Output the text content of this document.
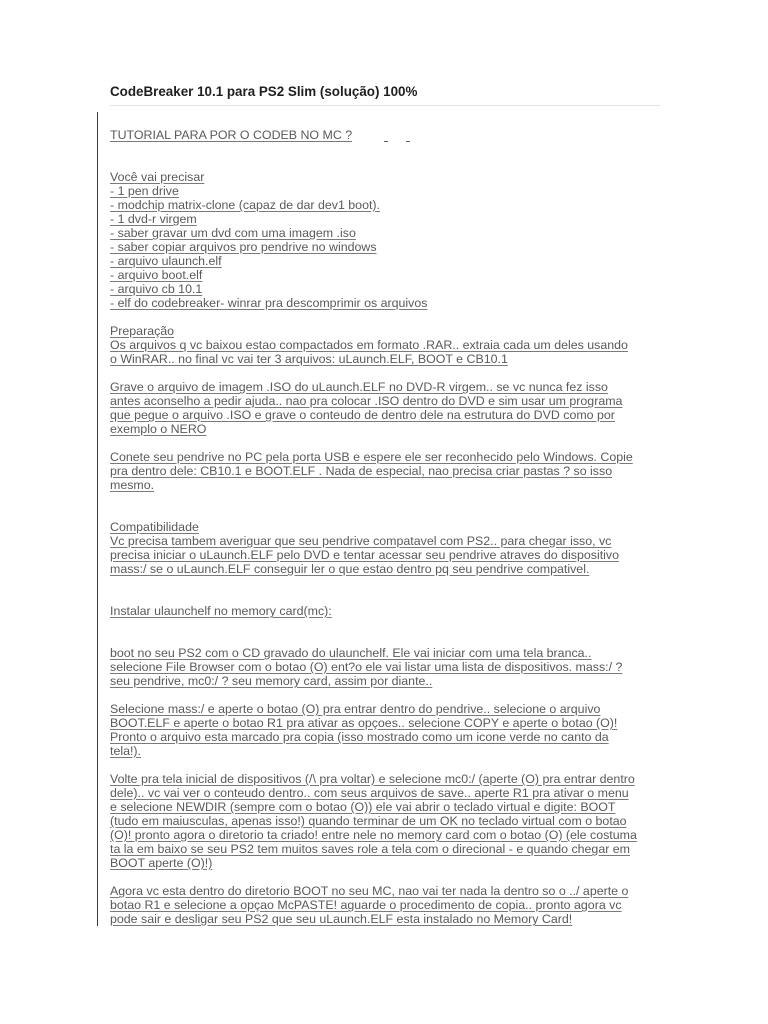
CodeBreaker 10.1 para PS2 Slim (solução) 100%
TUTORIAL PARA POR O CODEB NO MC ?
Você vai precisar
- 1 pen drive
- modchip matrix-clone (capaz de dar dev1 boot).
- 1 dvd-r virgem
- saber gravar um dvd com uma imagem .iso
- saber copiar arquivos pro pendrive no windows
- arquivo ulaunch.elf
- arquivo boot.elf
- arquivo cb 10.1
- elf do codebreaker- winrar pra descomprimir os arquivos
Preparação
Os arquivos q vc baixou estao compactados em formato .RAR.. extraia cada um deles usando
o WinRAR.. no final vc vai ter 3 arquivos: uLaunch.ELF, BOOT e CB10.1
Grave o arquivo de imagem .ISO do uLaunch.ELF no DVD-R virgem.. se vc nunca fez isso
antes aconselho a pedir ajuda.. nao pra colocar .ISO dentro do DVD e sim usar um programa
que pegue o arquivo .ISO e grave o conteudo de dentro dele na estrutura do DVD como por
exemplo o NERO
Conete seu pendrive no PC pela porta USB e espere ele ser reconhecido pelo Windows. Copie
pra dentro dele: CB10.1 e BOOT.ELF . Nada de especial, nao precisa criar pastas ? so isso
mesmo.
Compatibilidade
Vc precisa tambem averiguar que seu pendrive compatavel com PS2.. para chegar isso, vc
precisa iniciar o uLaunch.ELF pelo DVD e tentar acessar seu pendrive atraves do dispositivo
mass:/ se o uLaunch.ELF conseguir ler o que estao dentro pq seu pendrive compativel.
Instalar ulaunchelf no memory card(mc):
boot no seu PS2 com o CD gravado do ulaunchelf. Ele vai iniciar com uma tela branca..
selecione File Browser com o botao (O) ent?o ele vai listar uma lista de dispositivos. mass:/ ?
seu pendrive, mc0:/ ? seu memory card, assim por diante..
Selecione mass:/ e aperte o botao (O) pra entrar dentro do pendrive.. selecione o arquivo
BOOT.ELF e aperte o botao R1 pra ativar as opçoes.. selecione COPY e aperte o botao (O)!
Pronto o arquivo esta marcado pra copia (isso mostrado como um icone verde no canto da
tela!).
Volte pra tela inicial de dispositivos (/\ pra voltar) e selecione mc0:/ (aperte (O) pra entrar dentro
dele).. vc vai ver o conteudo dentro.. com seus arquivos de save.. aperte R1 pra ativar o menu
e selecione NEWDIR (sempre com o botao (O)) ele vai abrir o teclado virtual e digite: BOOT
(tudo em maiusculas, apenas isso!) quando terminar de um OK no teclado virtual com o botao
(O)! pronto agora o diretorio ta criado! entre nele no memory card com o botao (O) (ele costuma
ta la em baixo se seu PS2 tem muitos saves role a tela com o direcional - e quando chegar em
BOOT aperte (O)!)
Agora vc esta dentro do diretorio BOOT no seu MC, nao vai ter nada la dentro so o ../ aperte o
botao R1 e selecione a opçao McPASTE! aguarde o procedimento de copia.. pronto agora vc
pode sair e desligar seu PS2 que seu uLaunch.ELF esta instalado no Memory Card!
